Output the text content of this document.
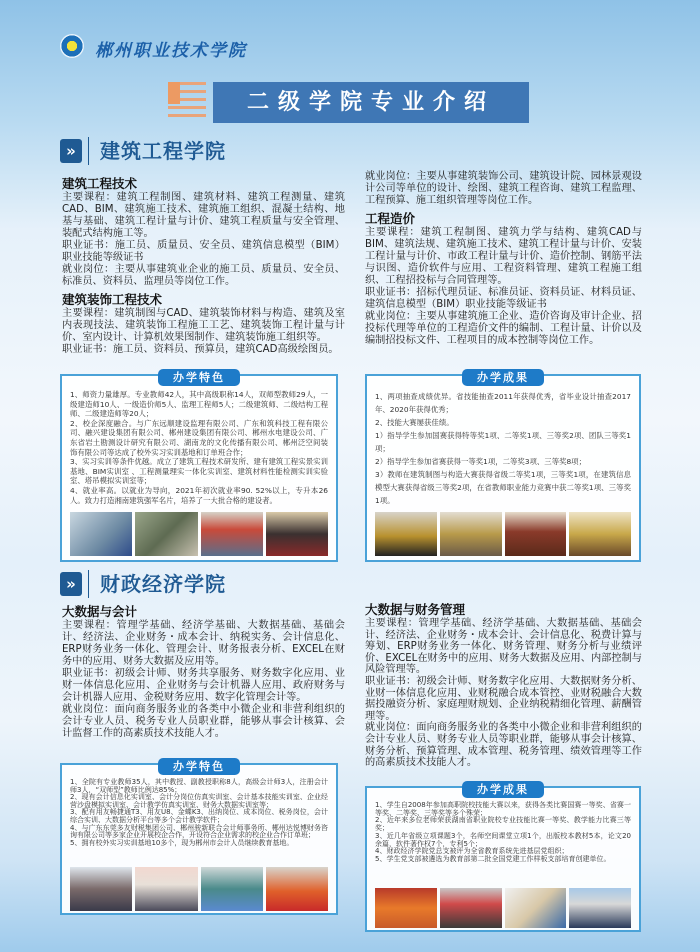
郴州职业技术学院
二级学院专业介绍
»	建筑工程学院
建筑工程技术

主要课程：建筑工程制图、建筑材料、建筑工程测量、建筑CAD、BIM、建筑施工技术、建筑施工组织、混凝土结构、地基与基础、建筑工程计量与计价、建筑工程质量与安全管理、装配式结构施工等。

职业证书：施工员、质量员、安全员、建筑信息模型（BIM）职业技能等级证书

就业岗位：主要从事建筑业企业的施工员、质量员、安全员、标准员、资料员、监理员等岗位工作。

建筑装饰工程技术

主要课程：建筑制图与CAD、建筑装饰材料与构造、建筑及室内表现技法、建筑装饰工程施工工艺、建筑装饰工程计量与计价、室内设计、计算机效果图制作、建筑装饰施工组织等。

职业证书：施工员、资料员、预算员，建筑CAD高级绘图员。

就业岗位：主要从事建筑装饰公司、建筑设计院、园林景观设计公司等单位的设计、绘图、建筑工程咨询、建筑工程监理、工程预算、施工组织管理等岗位工作。

工程造价

主要课程：建筑工程制图、建筑力学与结构、建筑CAD与BIM、建筑法规、建筑施工技术、建筑工程计量与计价、安装工程计量与计价、市政工程计量与计价、造价控制、钢筋平法与识图、造价软件与应用、工程资料管理、建筑工程施工组织、工程招投标与合同管理等。

职业证书：招标代理员证、标准员证、资料员证、材料员证、建筑信息模型（BIM）职业技能等级证书

就业岗位：主要从事建筑施工企业、造价咨询及审计企业、招投标代理等单位的工程造价文件的编制、工程计量、计价以及编制招投标文件、工程项目的成本控制等岗位工作。

办学特色

1、师资力量雄厚。专业教师42人，其中高级职称14人，双师型教师29人，一级建造师10人、一级造价师5人、监理工程师5人；二级建筑师、二级结构工程师、二级建造师等20人；

2、校企深度融合。与广东远顺建设监理有限公司、广东和筑科技工程有限公司、融兴建设集团有限公司、郴州建设集团有限公司、郴州水电建设公司、广东省岩土勘测设计研究有限公司、湖南龙的文化传播有限公司、郴州泛空间装饰有限公司等达成了校外实习实训基地和订单班合作；

3、实习实训等条件优越。成立了建筑工程技术研发所、建有建筑工程实景实训基地、BIM实训室 、工程测量理实一体化实训室、建筑材料性能检测实训实验室、塔吊模拟实训室等；

4、就业率高。以就业为导向，2021年初次就业率90. 52%以上，专升本26人。致力打造湘南建筑强军名片，培养了一大批合格的建设者。

办学成果

1、两项抽查成绩优异。省技能抽查2011年获得优秀，省毕业设计抽查2017年、2020年获得优秀；

2、技能大赛屡获佳绩。

1）指导学生参加国赛获得特等奖1项、二等奖1项、三等奖2项、团队三等奖1项；

2）指导学生参加省赛获得一等奖1项，二等奖3项、三等奖8项；

3）教师在建筑制图与构造大赛获得省级二等奖1项，三等奖1项，在建筑信息模型大赛获得省级三等奖2项，在省教师职业能力竞赛中获二等奖1项、三等奖1项。

»	财政经济学院
大数据与会计

主要课程：管理学基础、经济学基础、大数据基础、基础会计、经济法、企业财务・成本会计、纳税实务、会计信息化、ERP财务业务一体化、管理会计、财务报表分析、EXCEL在财务中的应用、财务大数据及应用等。

职业证书：初级会计师、财务共享服务、财务数字化应用、业财一体信息化应用、企业财务与会计机器人应用、政府财务与会计机器人应用、金税财务应用、数字化管理会计等。

就业岗位：面向商务服务业的各类中小微企业和非营利组织的会计专业人员、税务专业人员职业群，能够从事会计核算、会计监督工作的高素质技术技能人才。

大数据与财务管理

主要课程：管理学基础、经济学基础、大数据基础、基础会计、经济法、企业财务・成本会计、会计信息化、税费计算与筹划、ERP财务业务一体化、财务管理、财务分析与业绩评价、EXCEL在财务中的应用、财务大数据及应用、内部控制与风险管理等。

职业证书：初级会计师、财务数字化应用、大数据财务分析、业财一体信息化应用、业财税融合成本管控、业财税融合大数据投融资分析、家庭理财规划、企业纳税精细化管理、薪酬管理等。

就业岗位：面向商务服务业的各类中小微企业和非营利组织的会计专业人员、财务专业人员等职业群，能够从事会计核算、财务分析、预算管理、成本管理、税务管理、绩效管理等工作的高素质技术技能人才。

办学特色

1、全院有专业教师35人，其中教授、副教授职称8人，高级会计师3人，注册会计师3人，“双师型”教师比例达85%；

2、现有会计信息化实训室、会计分岗位仿真实训室、会计基本技能实训室、企业经营沙盘模拟实训室、会计教学仿真实训室、财务大数据实训室等；

3、配有用友畅捷通T3、用友U8、金蝶K3、出纳岗位、成本岗位、税务岗位，会计综合实训、大数据分析平台等多个会计教学软件；

4、与广东东莞多友财税集团公司、郴州骏新联合会计师事务所、郴州达悦博财务咨询有限公司等多家企业开展校企合作，开设符合企业需求的校企业合作订单班；

5、拥有校外实习实训基地10多个，现为郴州市会计人员继续教育基地。

办学成果

1、学生自2008年参加高职院校技能大赛以来，获得各类比赛国赛一等奖、省赛一等奖、二等奖、三等奖等多个殊荣；

2、近年来多位老师荣获湖南省职业院校专业技能比赛一等奖、教学能力比赛三等奖；

3、近几年省级立项课题3个，名师空间课堂立项1个，出版校本教材5本，论文20余篇，软件著作权7个，专利5个；

4、财政经济学院党总支被评为全省教育系统先进基层党组织；

5、学生党支部被遴选为教育部第二批全国党建工作样板支部培育创建单位。
